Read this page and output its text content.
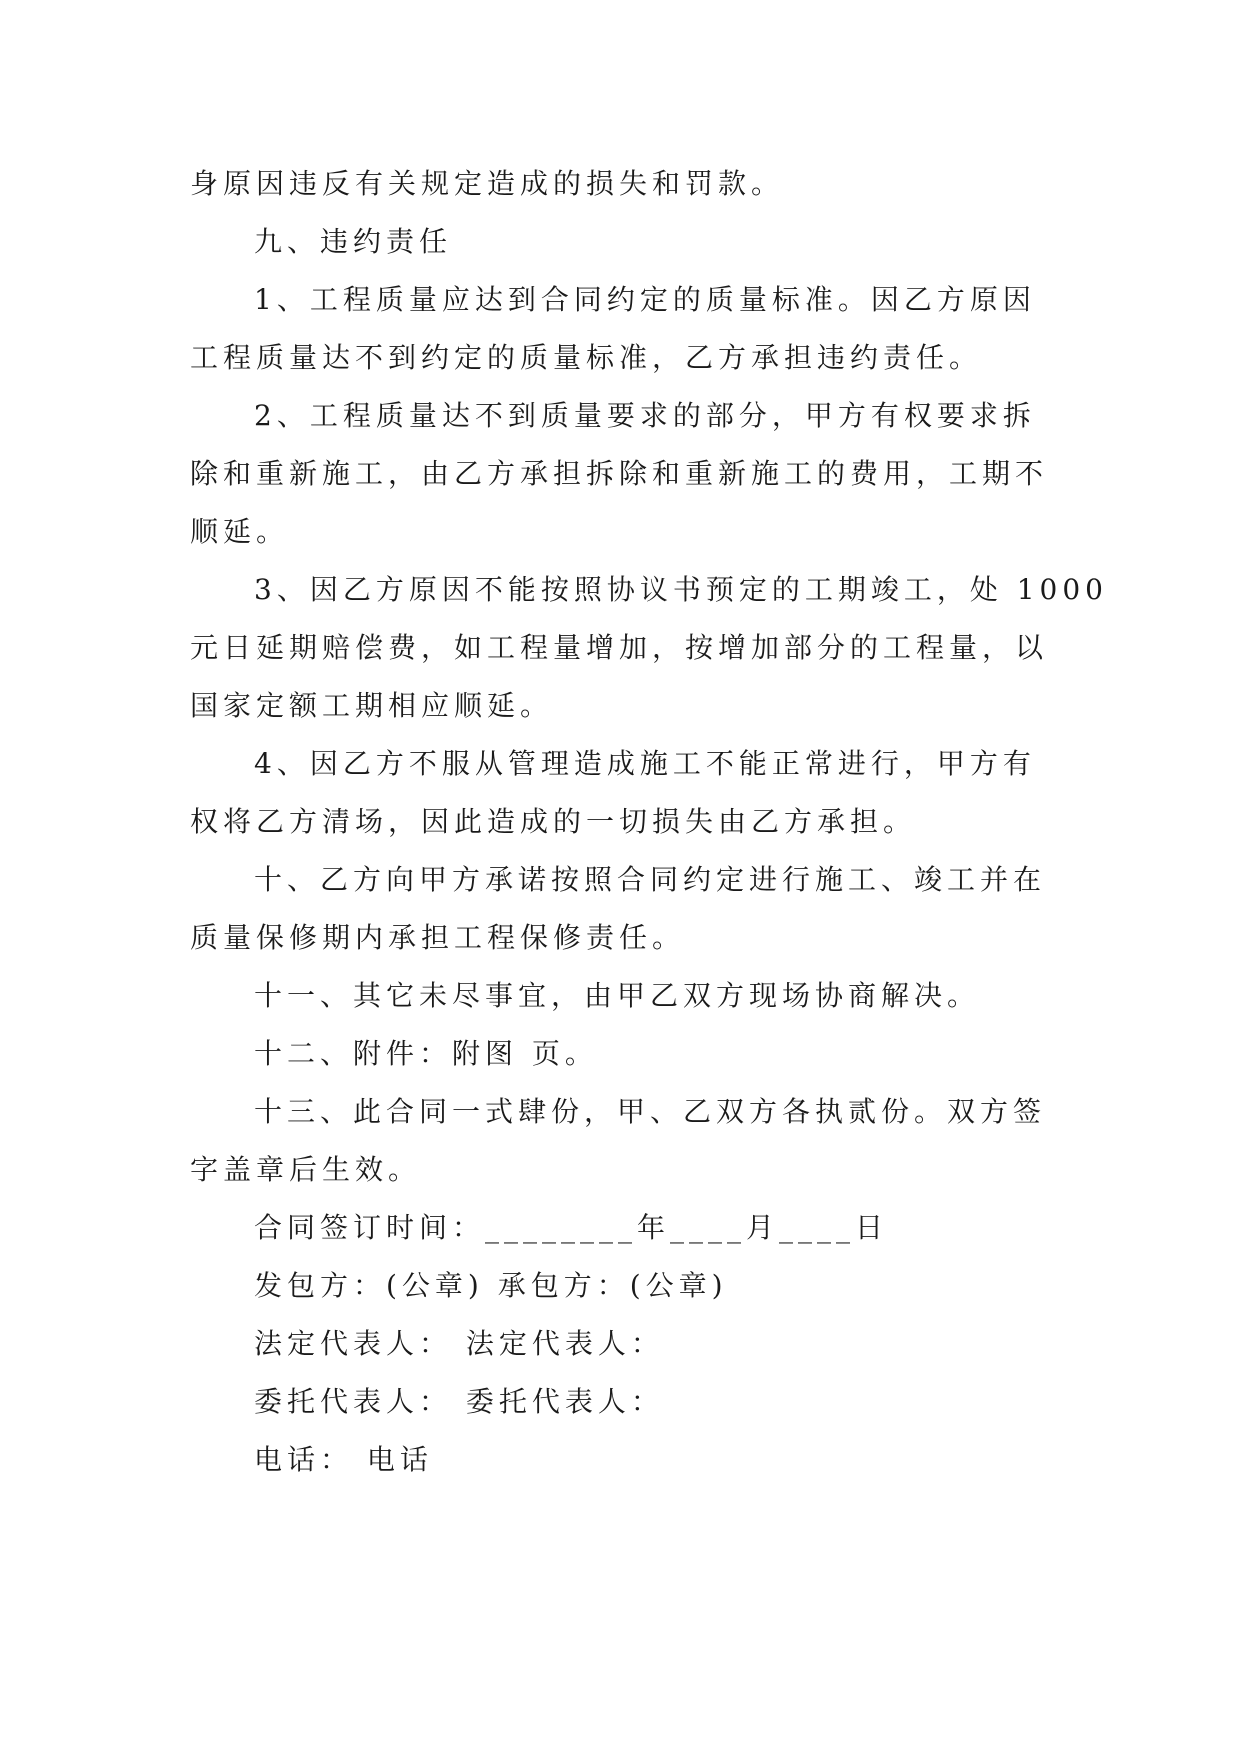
身原因违反有关规定造成的损失和罚款。
九、违约责任
1、工程质量应达到合同约定的质量标准。因乙方原因
工程质量达不到约定的质量标准，乙方承担违约责任。
2、工程质量达不到质量要求的部分，甲方有权要求拆
除和重新施工，由乙方承担拆除和重新施工的费用，工期不
顺延。
3、因乙方原因不能按照协议书预定的工期竣工，处 1000
元日延期赔偿费，如工程量增加，按增加部分的工程量，以
国家定额工期相应顺延。
4、因乙方不服从管理造成施工不能正常进行，甲方有
权将乙方清场，因此造成的一切损失由乙方承担。
十、乙方向甲方承诺按照合同约定进行施工、竣工并在
质量保修期内承担工程保修责任。
十一、其它未尽事宜，由甲乙双方现场协商解决。
十二、附件：附图 页。
十三、此合同一式肆份，甲、乙双方各执贰份。双方签
字盖章后生效。
合同签订时间：________年____月____日
发包方：(公章) 承包方：(公章)
法定代表人： 法定代表人：
委托代表人： 委托代表人：
电话： 电话
